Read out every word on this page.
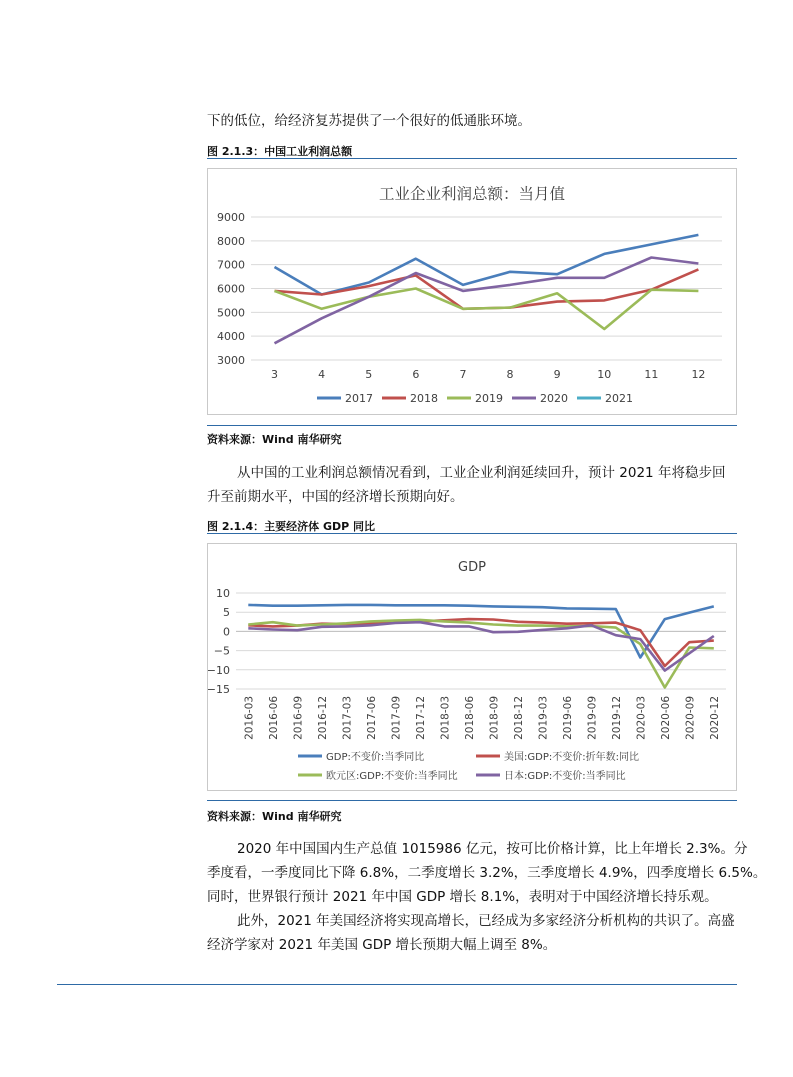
下的低位，给经济复苏提供了一个很好的低通胀环境。
图 2.1.3：中国工业利润总额
工业企业利润总额：当月值
3000
4000
5000
6000
7000
8000
9000
3	4	5	6	7	8	9	10	11	12
2017	2018	2019	2020	2021
资料来源：Wind 南华研究
从中国的工业利润总额情况看到，工业企业利润延续回升，预计 2021 年将稳步回
升至前期水平，中国的经济增长预期向好。
图 2.1.4：主要经济体 GDP 同比
GDP
10
5
0
−5
−10
−15
2016-03 2016-06 2016-09 2016-12 2017-03 2017-06 2017-09 2017-12 2018-03 2018-06 2018-09 2018-12 2019-03 2019-06 2019-09 2019-12 2020-03 2020-06 2020-09 2020-12
GDP:不变价:当季同比	美国:GDP:不变价:折年数:同比
欧元区:GDP:不变价:当季同比	日本:GDP:不变价:当季同比
资料来源：Wind 南华研究
2020 年中国国内生产总值 1015986 亿元，按可比价格计算，比上年增长 2.3%。分
季度看，一季度同比下降 6.8%，二季度增长 3.2%，三季度增长 4.9%，四季度增长 6.5%。
同时，世界银行预计 2021 年中国 GDP 增长 8.1%，表明对于中国经济增长持乐观。
此外，2021 年美国经济将实现高增长，已经成为多家经济分析机构的共识了。高盛
经济学家对 2021 年美国 GDP 增长预期大幅上调至 8%。
